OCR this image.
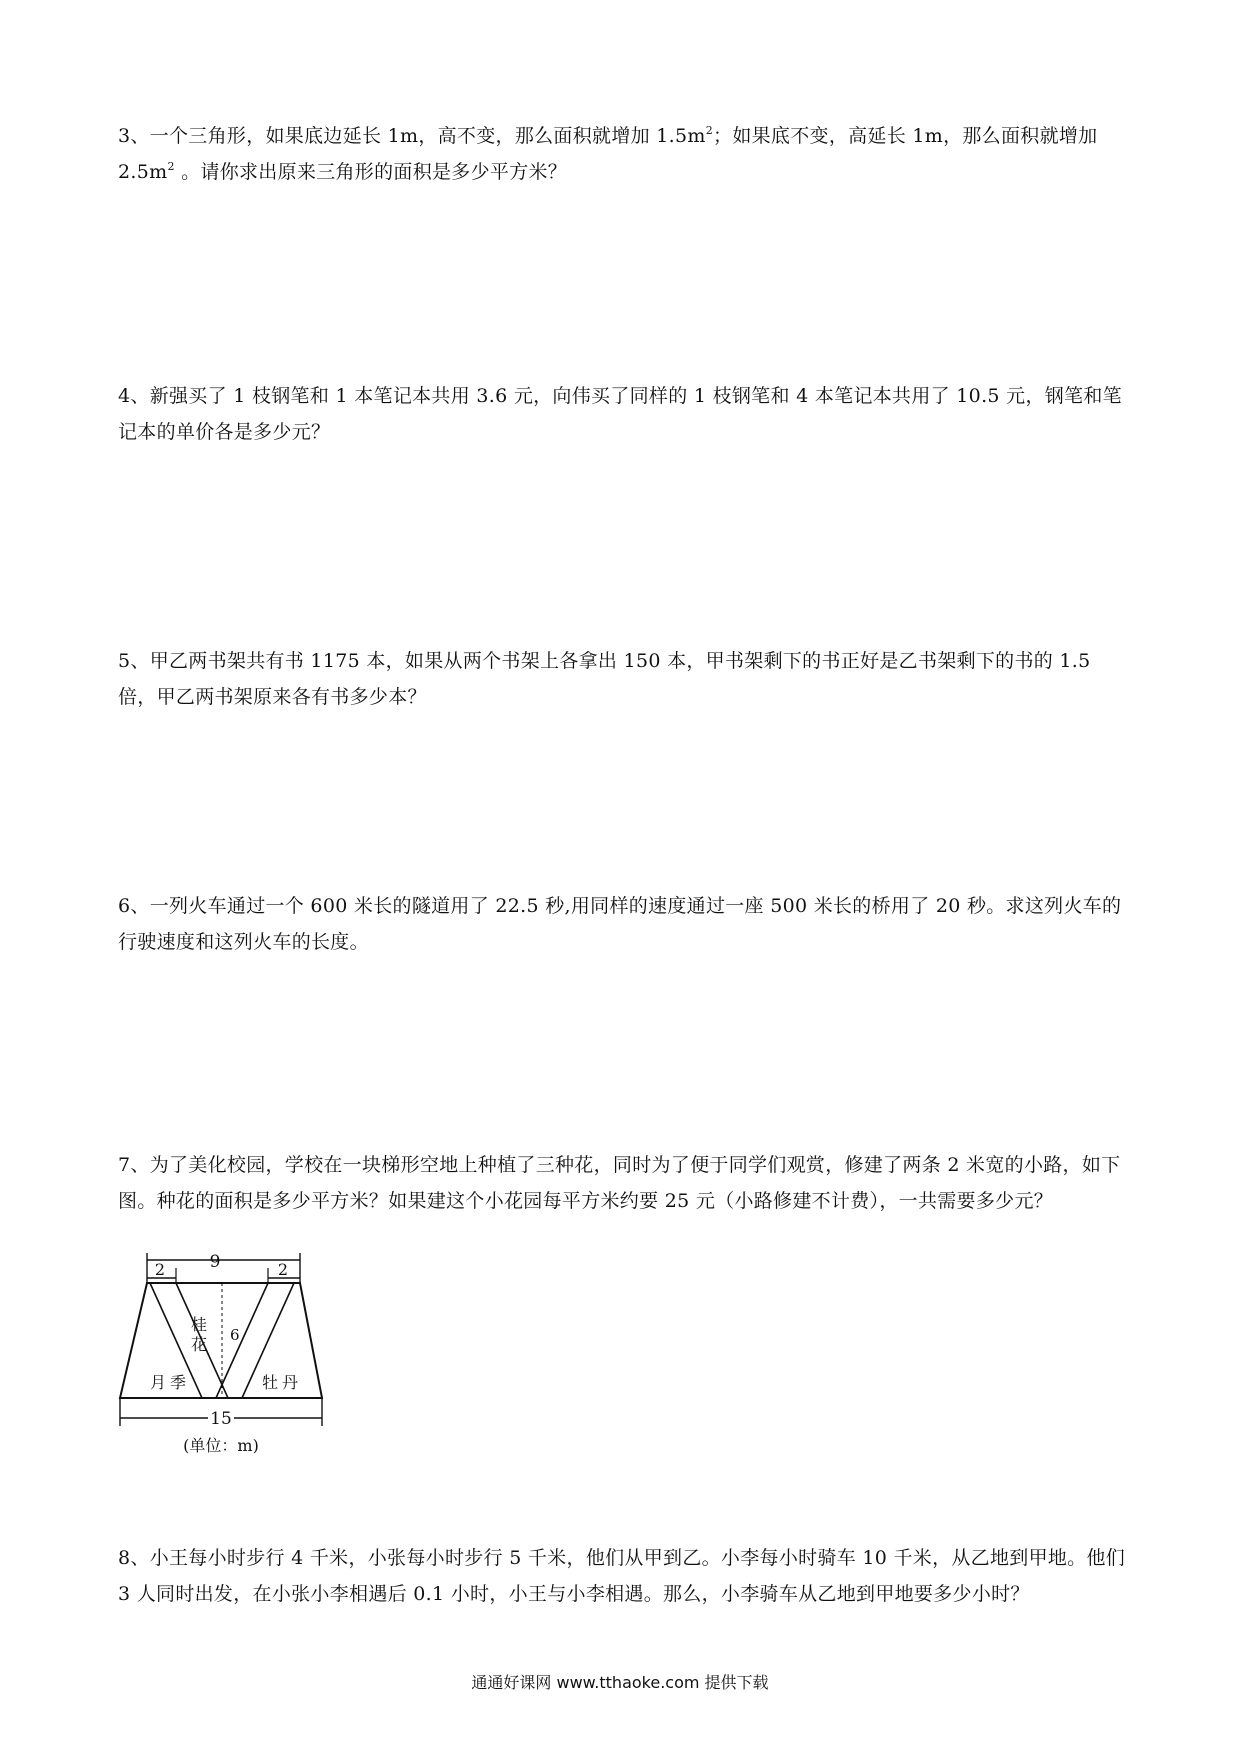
3、一个三角形，如果底边延长 1m，高不变，那么面积就增加 $1.5m^2$；如果底不变，高延长 1m，那么面积就增加 $2.5m^2$ 。请你求出原来三角形的面积是多少平方米？

4、新强买了 1 枝钢笔和 1 本笔记本共用 3.6 元，向伟买了同样的 1 枝钢笔和 4 本笔记本共用了 10.5 元，钢笔和笔记本的单价各是多少元？

5、甲乙两书架共有书 1175 本，如果从两个书架上各拿出 150 本，甲书架剩下的书正好是乙书架剩下的书的 1.5 倍，甲乙两书架原来各有书多少本？

6、一列火车通过一个 600 米长的隧道用了 22.5 秒,用同样的速度通过一座 500 米长的桥用了 20 秒。求这列火车的行驶速度和这列火车的长度。

7、为了美化校园，学校在一块梯形空地上种植了三种花，同时为了便于同学们观赏，修建了两条 2 米宽的小路，如下图。种花的面积是多少平方米？如果建这个小花园每平方米约要 25 元（小路修建不计费），一共需要多少元？

9
2	2
6
桂花
月季	牡丹
15
(单位：m)

8、小王每小时步行 4 千米，小张每小时步行 5 千米，他们从甲到乙。小李每小时骑车 10 千米，从乙地到甲地。他们 3 人同时出发，在小张小李相遇后 0.1 小时，小王与小李相遇。那么，小李骑车从乙地到甲地要多少小时？

通通好课网 www.tthaoke.com 提供下载
